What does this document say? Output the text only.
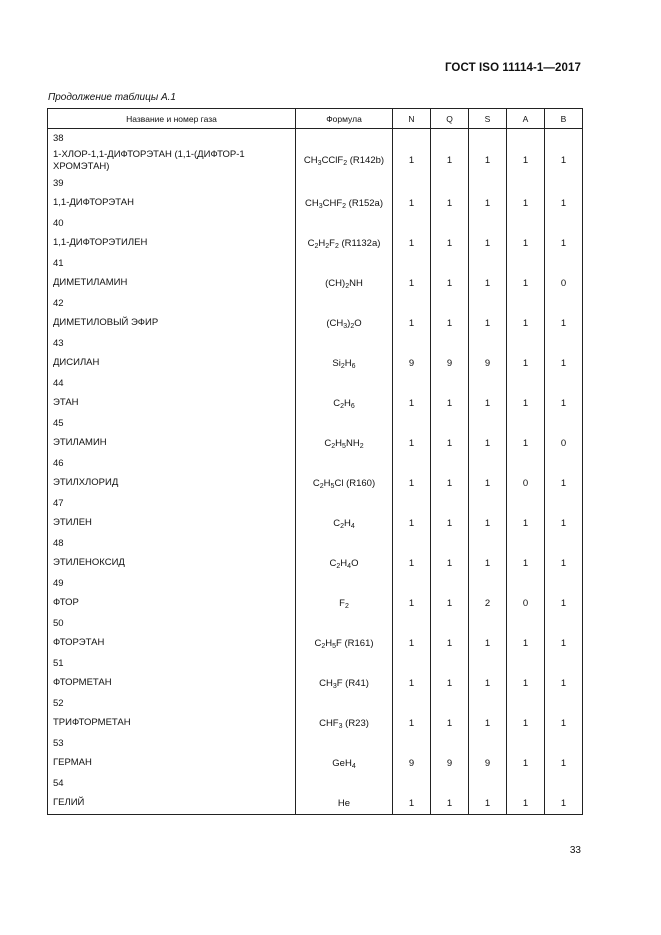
ГОСТ ISO 11114-1—2017
Продолжение таблицы А.1
Название и номер газа	Формула	N	Q	S	A	B
38						
1-ХЛОР-1,1-ДИФТОРЭТАН (1,1-(ДИФТОР-1 ХРОМЭТАН)	$CH_3CClF_2$ (R142b)	1	1	1	1	1
39						
1,1-ДИФТОРЭТАН	$CH_3CHF_2$ (R152a)	1	1	1	1	1
40						
1,1-ДИФТОРЭТИЛЕН	$C_2H_2F_2$ (R1132a)	1	1	1	1	1
41						
ДИМЕТИЛАМИН	$(CH)_2NH$	1	1	1	1	0
42						
ДИМЕТИЛОВЫЙ ЭФИР	$(CH_3)_2O$	1	1	1	1	1
43						
ДИСИЛАН	$Si_2H_6$	9	9	9	1	1
44						
ЭТАН	$C_2H_6$	1	1	1	1	1
45						
ЭТИЛАМИН	$C_2H_5NH_2$	1	1	1	1	0
46						
ЭТИЛХЛОРИД	$C_2H_5Cl$ (R160)	1	1	1	0	1
47						
ЭТИЛЕН	$C_2H_4$	1	1	1	1	1
48						
ЭТИЛЕНОКСИД	$C_2H_4O$	1	1	1	1	1
49						
ФТОР	$F_2$	1	1	2	0	1
50						
ФТОРЭТАН	$C_2H_5F$ (R161)	1	1	1	1	1
51						
ФТОРМЕТАН	$CH_3F$ (R41)	1	1	1	1	1
52						
ТРИФТОРМЕТАН	$CHF_3$ (R23)	1	1	1	1	1
53						
ГЕРМАН	GeH$_4$	9	9	9	1	1
54						
ГЕЛИЙ	He	1	1	1	1	1
33
